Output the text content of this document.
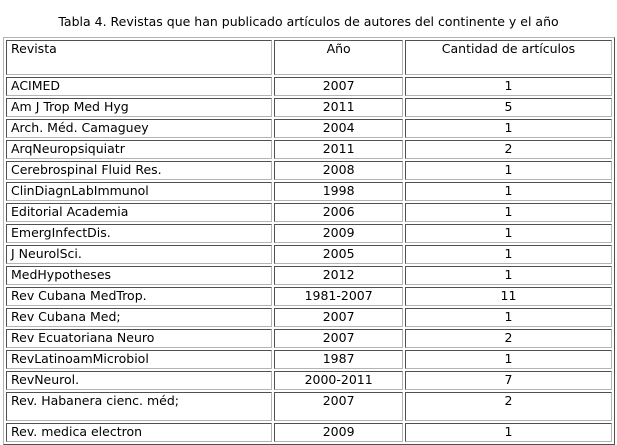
Tabla 4. Revistas que han publicado artículos de autores del continente y el año
Revista	Año	Cantidad de artículos
ACIMED	2007	1
Am J Trop Med Hyg	2011	5
Arch. Méd. Camaguey	2004	1
ArqNeuropsiquiatr	2011	2
Cerebrospinal Fluid Res.	2008	1
ClinDiagnLabImmunol	1998	1
Editorial Academia	2006	1
EmergInfectDis.	2009	1
J NeurolSci.	2005	1
MedHypotheses	2012	1
Rev Cubana MedTrop.	1981-2007	11
Rev Cubana Med;	2007	1
Rev Ecuatoriana Neuro	2007	2
RevLatinoamMicrobiol	1987	1
RevNeurol.	2000-2011	7
Rev. Habanera cienc. méd;	2007	2
Rev. medica electron	2009	1
